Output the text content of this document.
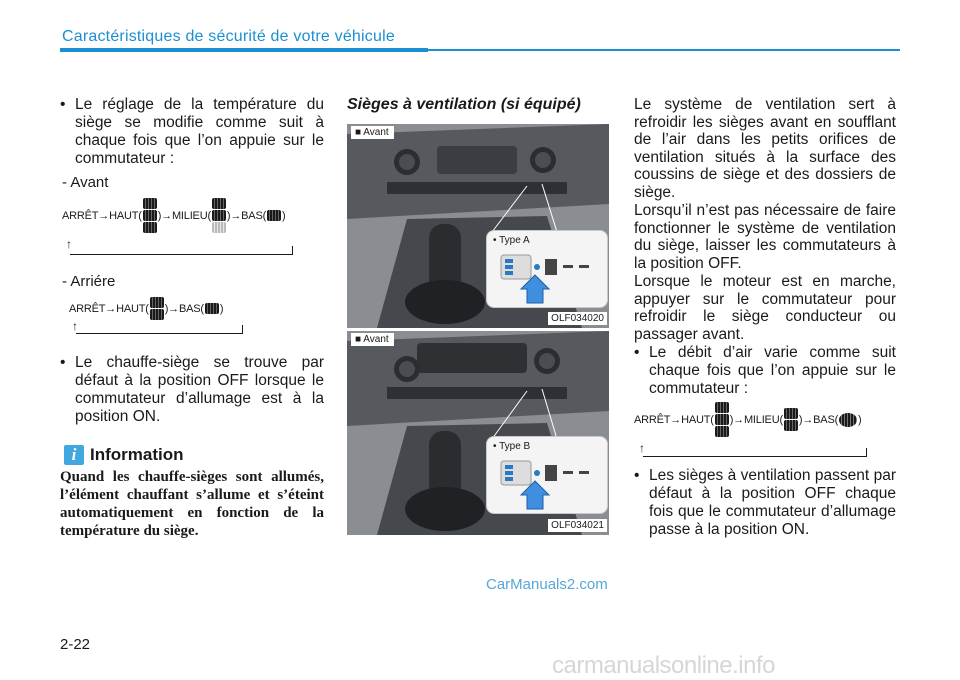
Caractéristiques de sécurité de votre véhicule
• Le réglage de la température du siège se modifie comme suit à chaque fois que l’on appuie sur le commutateur :
- Avant
ARRÊT→HAUT( )→MILIEU( )→BAS( )
↑
- Arriére
ARRÊT→HAUT( )→BAS( )
↑
• Le chauffe-siège se trouve par défaut à la position OFF lorsque le commutateur d’allumage est à la position ON.
i Information
Quand les chauffe-sièges sont allumés, l’élément chauffant s’allume et s’éteint automatiquement en fonction de la température du siège.
Sièges à ventilation (si équipé)
■ Avant
OLF034020
• Type A
■ Avant
OLF034021
• Type B
Le système de ventilation sert à refroidir les sièges avant en soufflant de l’air dans les petits orifices de ventilation situés à la surface des coussins de siège et des dossiers de siège.
Lorsqu’il n’est pas nécessaire de faire fonctionner le système de ventilation du siège, laisser les commutateurs à la position OFF.
Lorsque le moteur est en marche, appuyer sur le commutateur pour refroidir le siège conducteur ou passager avant.
• Le débit d’air varie comme suit chaque fois que l’on appuie sur le commutateur :
ARRÊT→HAUT( )→MILIEU( )→BAS( )
↑
• Les sièges à ventilation passent par défaut à la position OFF chaque fois que le commutateur d’allumage passe à la position ON.
CarManuals2.com
2-22
carmanualsonline.info
